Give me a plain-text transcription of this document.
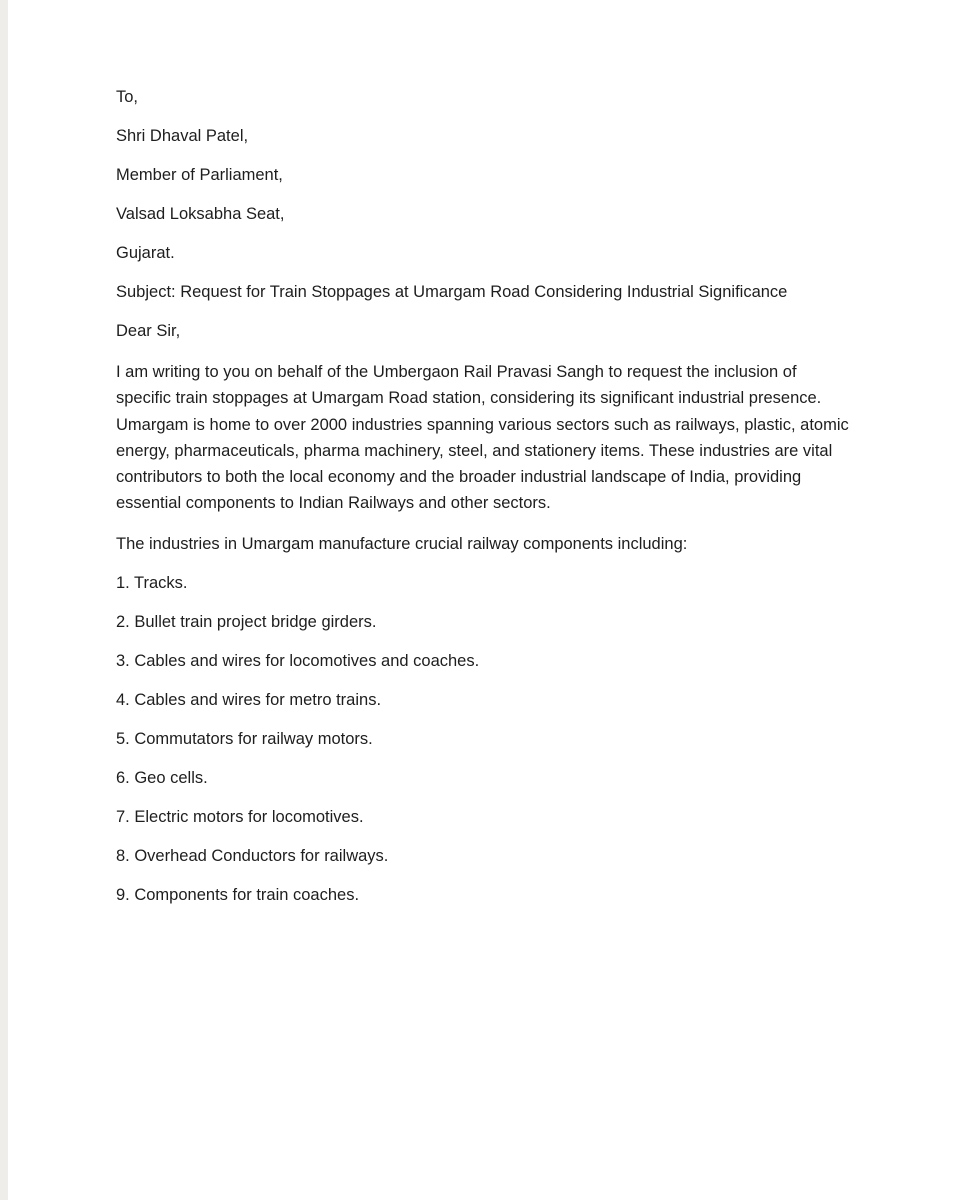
To,

Shri Dhaval Patel,

Member of Parliament,

Valsad Loksabha Seat,

Gujarat.

Subject: Request for Train Stoppages at Umargam Road Considering Industrial Significance

Dear Sir,

I am writing to you on behalf of the Umbergaon Rail Pravasi Sangh to request the inclusion of specific train stoppages at Umargam Road station, considering its significant industrial presence. Umargam is home to over 2000 industries spanning various sectors such as railways, plastic, atomic energy, pharmaceuticals, pharma machinery, steel, and stationery items. These industries are vital contributors to both the local economy and the broader industrial landscape of India, providing essential components to Indian Railways and other sectors.

The industries in Umargam manufacture crucial railway components including:

1. Tracks.
2. Bullet train project bridge girders.
3. Cables and wires for locomotives and coaches.
4. Cables and wires for metro trains.
5. Commutators for railway motors.
6. Geo cells.
7. Electric motors for locomotives.
8. Overhead Conductors for railways.
9. Components for train coaches.
